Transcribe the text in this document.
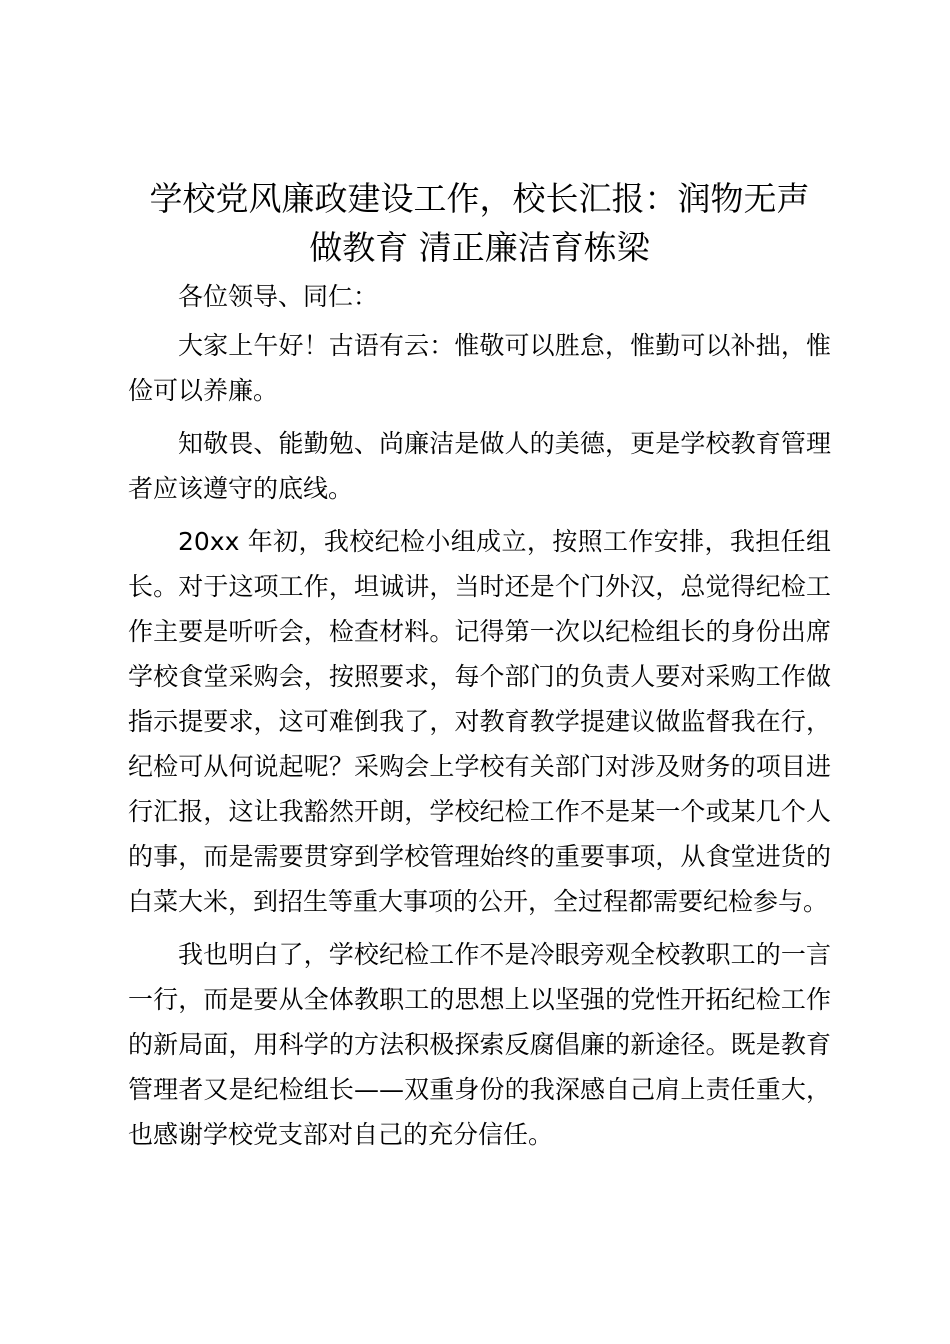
学校党风廉政建设工作，校长汇报：润物无声
做教育 清正廉洁育栋梁

各位领导、同仁：

大家上午好！古语有云：惟敬可以胜怠，惟勤可以补拙，惟俭可以养廉。

知敬畏、能勤勉、尚廉洁是做人的美德，更是学校教育管理者应该遵守的底线。

20xx 年初，我校纪检小组成立，按照工作安排，我担任组长。对于这项工作，坦诚讲，当时还是个门外汉，总觉得纪检工作主要是听听会，检查材料。记得第一次以纪检组长的身份出席学校食堂采购会，按照要求，每个部门的负责人要对采购工作做指示提要求，这可难倒我了，对教育教学提建议做监督我在行，纪检可从何说起呢？采购会上学校有关部门对涉及财务的项目进行汇报，这让我豁然开朗，学校纪检工作不是某一个或某几个人的事，而是需要贯穿到学校管理始终的重要事项，从食堂进货的白菜大米，到招生等重大事项的公开，全过程都需要纪检参与。

我也明白了，学校纪检工作不是冷眼旁观全校教职工的一言一行，而是要从全体教职工的思想上以坚强的党性开拓纪检工作的新局面，用科学的方法积极探索反腐倡廉的新途径。既是教育管理者又是纪检组长——双重身份的我深感自己肩上责任重大，也感谢学校党支部对自己的充分信任。
